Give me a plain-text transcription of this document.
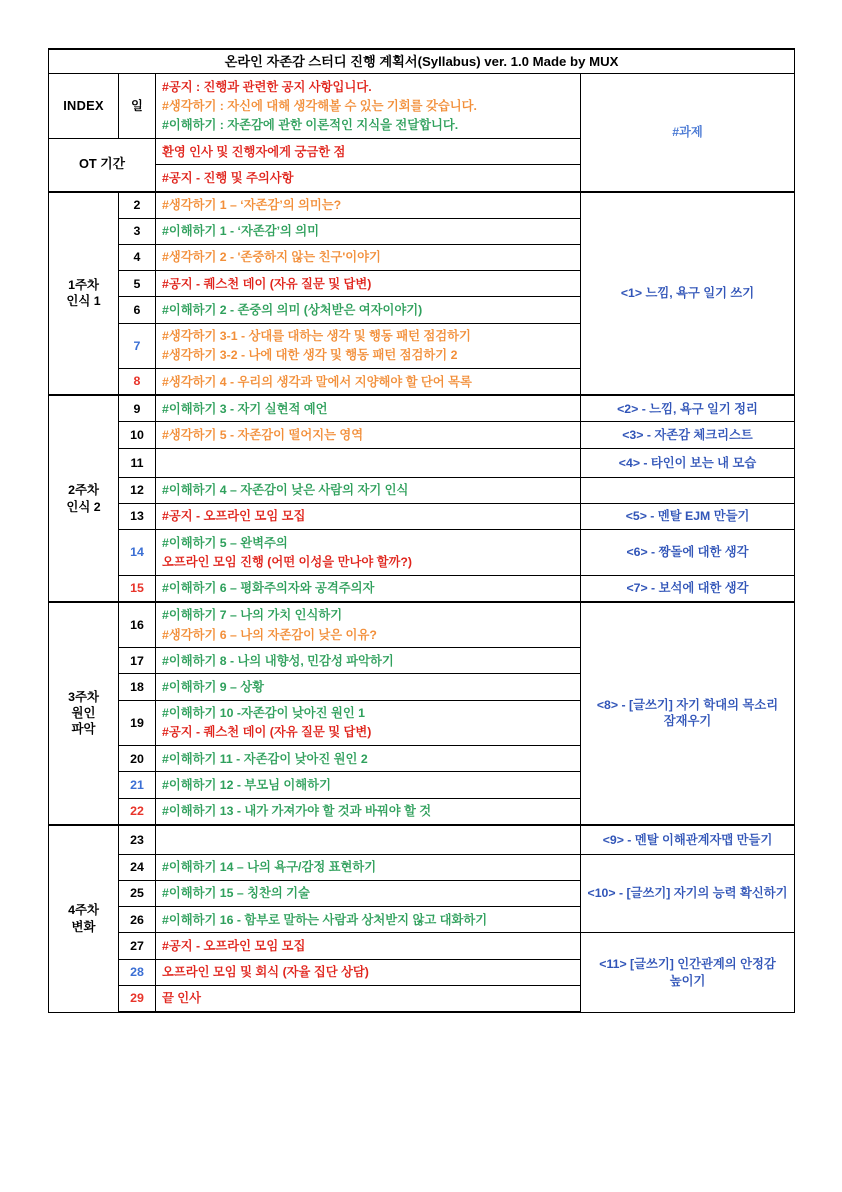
온라인 자존감 스터디 진행 계획서(Syllabus) ver. 1.0 Made by MUX			
INDEX	일	#공지 : 진행과 관련한 공지 사항입니다.
#생각하기 : 자신에 대해 생각해볼 수 있는 기회를 갖습니다.
#이해하기 : 자존감에 관한 이론적인 지식을 전달합니다.	#과제
OT 기간		환영 인사 및 진행자에게 궁금한 점	

		#공지 - 진행 및 주의사항	

1주차
인식 1	2	#생각하기 1 – ‘자존감’의 의미는?	<1> 느낌, 욕구 일기 쓰기
	3	#이해하기 1 - ‘자존감’의 의미	

	4	#생각하기 2 - '존중하지 않는 친구'이야기	

	5	#공지 - 퀘스천 데이 (자유 질문 및 답변)	

	6	#이해하기 2 - 존중의 의미 (상처받은 여자이야기)	

	7	#생각하기 3-1 - 상대를 대하는 생각 및 행동 패턴 점검하기
#생각하기 3-2 - 나에 대한 생각 및 행동 패턴 점검하기 2	

	8	#생각하기 4 - 우리의 생각과 말에서 지양해야 할 단어 목록	

2주차
인식 2	9	#이해하기 3 - 자기 실현적 예언	<2> - 느낌, 욕구 일기 정리
	10	#생각하기 5 - 자존감이 떨어지는 영역	<3> - 자존감 체크리스트
	11		<4> - 타인이 보는 내 모습
	12	#이해하기 4 – 자존감이 낮은 사람의 자기 인식	

	13	#공지 - 오프라인 모임 모집	<5> - 멘탈 EJM 만들기
	14	#이해하기 5 – 완벽주의
오프라인 모임 진행 (어떤 이성을 만나야 할까?)	<6> - 짱돌에 대한 생각
	15	#이해하기 6 – 평화주의자와 공격주의자	<7> - 보석에 대한 생각

3주차
원인
파악
	16	
#이해하기 7 – 나의 가치 인식하기
#생각하기 6 – 나의 자존감이 낮은 이유?
	<8> - [글쓰기] 자기 학대의 목소리 잠재우기
	17	#이해하기 8 - 나의 내향성, 민감성 파악하기	

	18	#이해하기 9 – 상황	

	19	#이해하기 10 -자존감이 낮아진 원인 1
#공지 - 퀘스천 데이 (자유 질문 및 답변)	

	20	#이해하기 11 - 자존감이 낮아진 원인 2	

	21	#이해하기 12 - 부모님 이해하기	

	22	#이해하기 13 - 내가 가져가야 할 것과 바꿔야 할 것	

4주차
변화	23		<9> - 멘탈 이해관계자맵 만들기
	24	#이해하기 14 – 나의 욕구/감정 표현하기	<10> - [글쓰기] 자기의 능력 확신하기
	25	#이해하기 15 – 칭찬의 기술	

	26	#이해하기 16 - 함부로 말하는 사람과 상처받지 않고 대화하기	

	27	#공지 - 오프라인 모임 모집	<11> [글쓰기] 인간관계의 안정감 높이기
	28	오프라인 모임 및 회식 (자율 집단 상담)	

	29	끝 인사	
